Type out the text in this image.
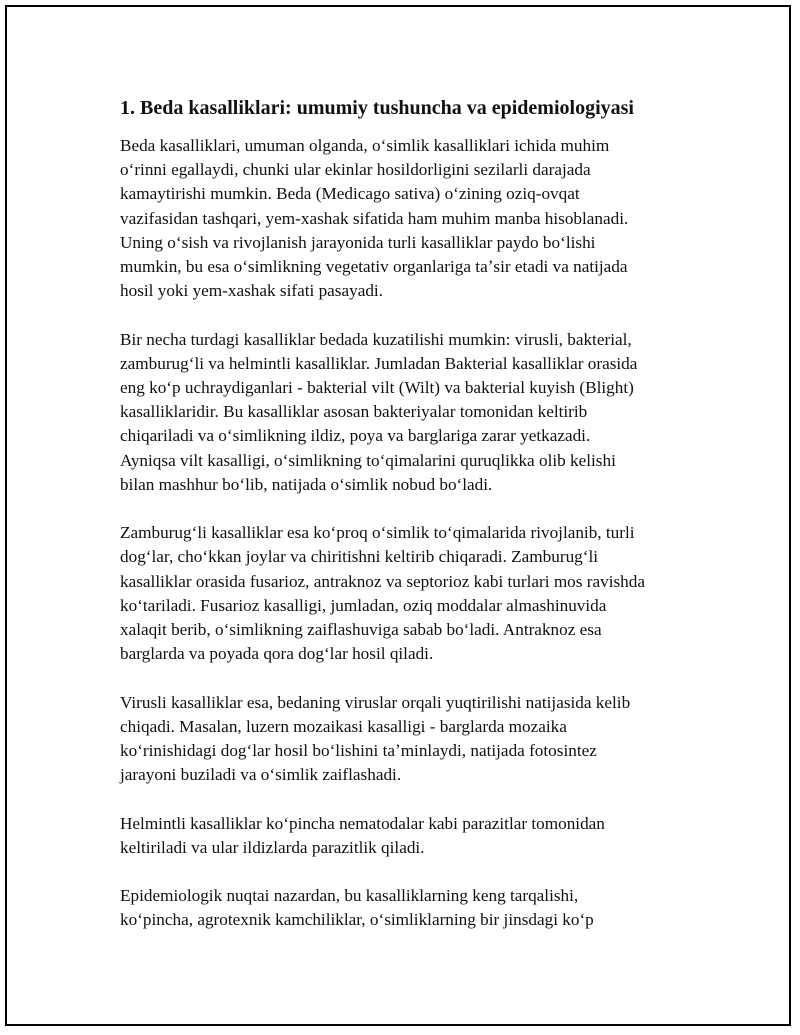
1. Beda kasalliklari: umumiy tushuncha va epidemiologiyasi

Beda kasalliklari, umuman olganda, oʻsimlik kasalliklari ichida muhim
oʻrinni egallaydi, chunki ular ekinlar hosildorligini sezilarli darajada
kamaytirishi mumkin. Beda (Medicago sativa) oʻzining oziq-ovqat
vazifasidan tashqari, yem-xashak sifatida ham muhim manba hisoblanadi.
Uning oʻsish va rivojlanish jarayonida turli kasalliklar paydo boʻlishi
mumkin, bu esa oʻsimlikning vegetativ organlariga taʼsir etadi va natijada
hosil yoki yem-xashak sifati pasayadi.

Bir necha turdagi kasalliklar bedada kuzatilishi mumkin: virusli, bakterial,
zamburugʻli va helmintli kasalliklar. Jumladan Bakterial kasalliklar orasida
eng koʻp uchraydiganlari - bakterial vilt (Wilt) va bakterial kuyish (Blight)
kasalliklaridir. Bu kasalliklar asosan bakteriyalar tomonidan keltirib
chiqariladi va oʻsimlikning ildiz, poya va barglariga zarar yetkazadi.
Ayniqsa vilt kasalligi, oʻsimlikning toʻqimalarini quruqlikka olib kelishi
bilan mashhur boʻlib, natijada oʻsimlik nobud boʻladi.

Zamburugʻli kasalliklar esa koʻproq oʻsimlik toʻqimalarida rivojlanib, turli
dogʻlar, choʻkkan joylar va chiritishni keltirib chiqaradi. Zamburugʻli
kasalliklar orasida fusarioz, antraknoz va septorioz kabi turlari mos ravishda
koʻtariladi. Fusarioz kasalligi, jumladan, oziq moddalar almashinuvida
xalaqit berib, oʻsimlikning zaiflashuviga sabab boʻladi. Antraknoz esa
barglarda va poyada qora dogʻlar hosil qiladi.

Virusli kasalliklar esa, bedaning viruslar orqali yuqtirilishi natijasida kelib
chiqadi. Masalan, luzern mozaikasi kasalligi - barglarda mozaika
koʻrinishidagi dogʻlar hosil boʻlishini taʼminlaydi, natijada fotosintez
jarayoni buziladi va oʻsimlik zaiflashadi.

Helmintli kasalliklar koʻpincha nematodalar kabi parazitlar tomonidan
keltiriladi va ular ildizlarda parazitlik qiladi.

Epidemiologik nuqtai nazardan, bu kasalliklarning keng tarqalishi,
koʻpincha, agrotexnik kamchiliklar, oʻsimliklarning bir jinsdagi koʻp
